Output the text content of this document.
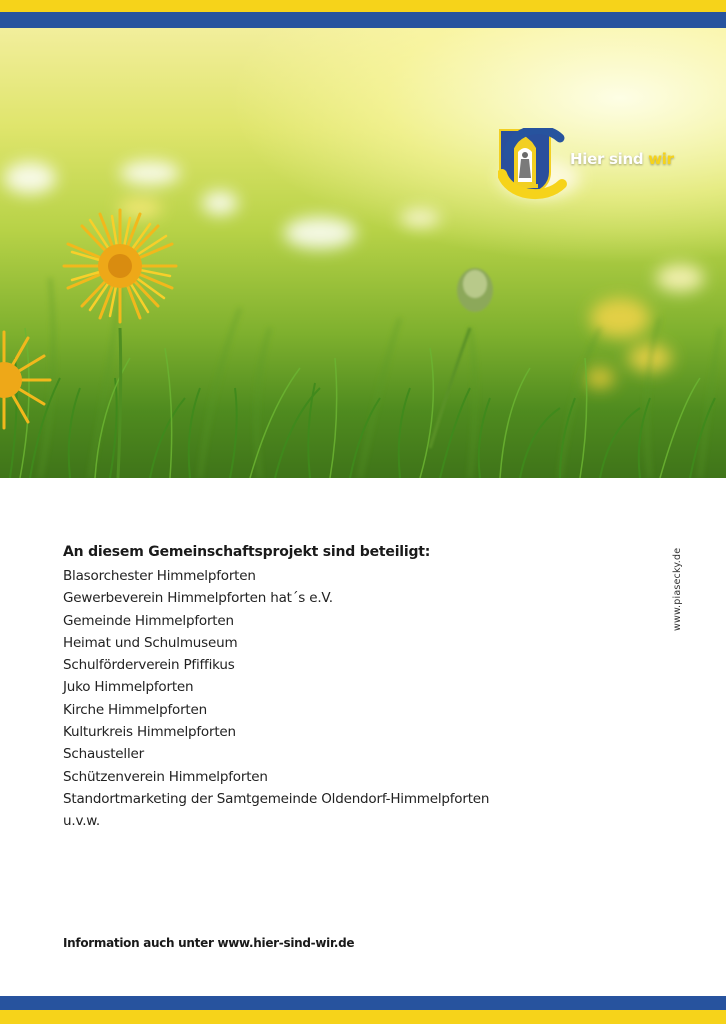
Hier sind wir
An diesem Gemeinschaftsprojekt sind beteiligt:
Blasorchester Himmelpforten
Gewerbeverein Himmelpforten hat´s e.V.
Gemeinde Himmelpforten
Heimat und Schulmuseum
Schulförderverein Pfiffikus
Juko Himmelpforten
Kirche Himmelpforten
Kulturkreis Himmelpforten
Schausteller
Schützenverein Himmelpforten
Standortmarketing der Samtgemeinde Oldendorf-Himmelpforten
u.v.w.
www.piasecky.de
Information auch unter www.hier-sind-wir.de
